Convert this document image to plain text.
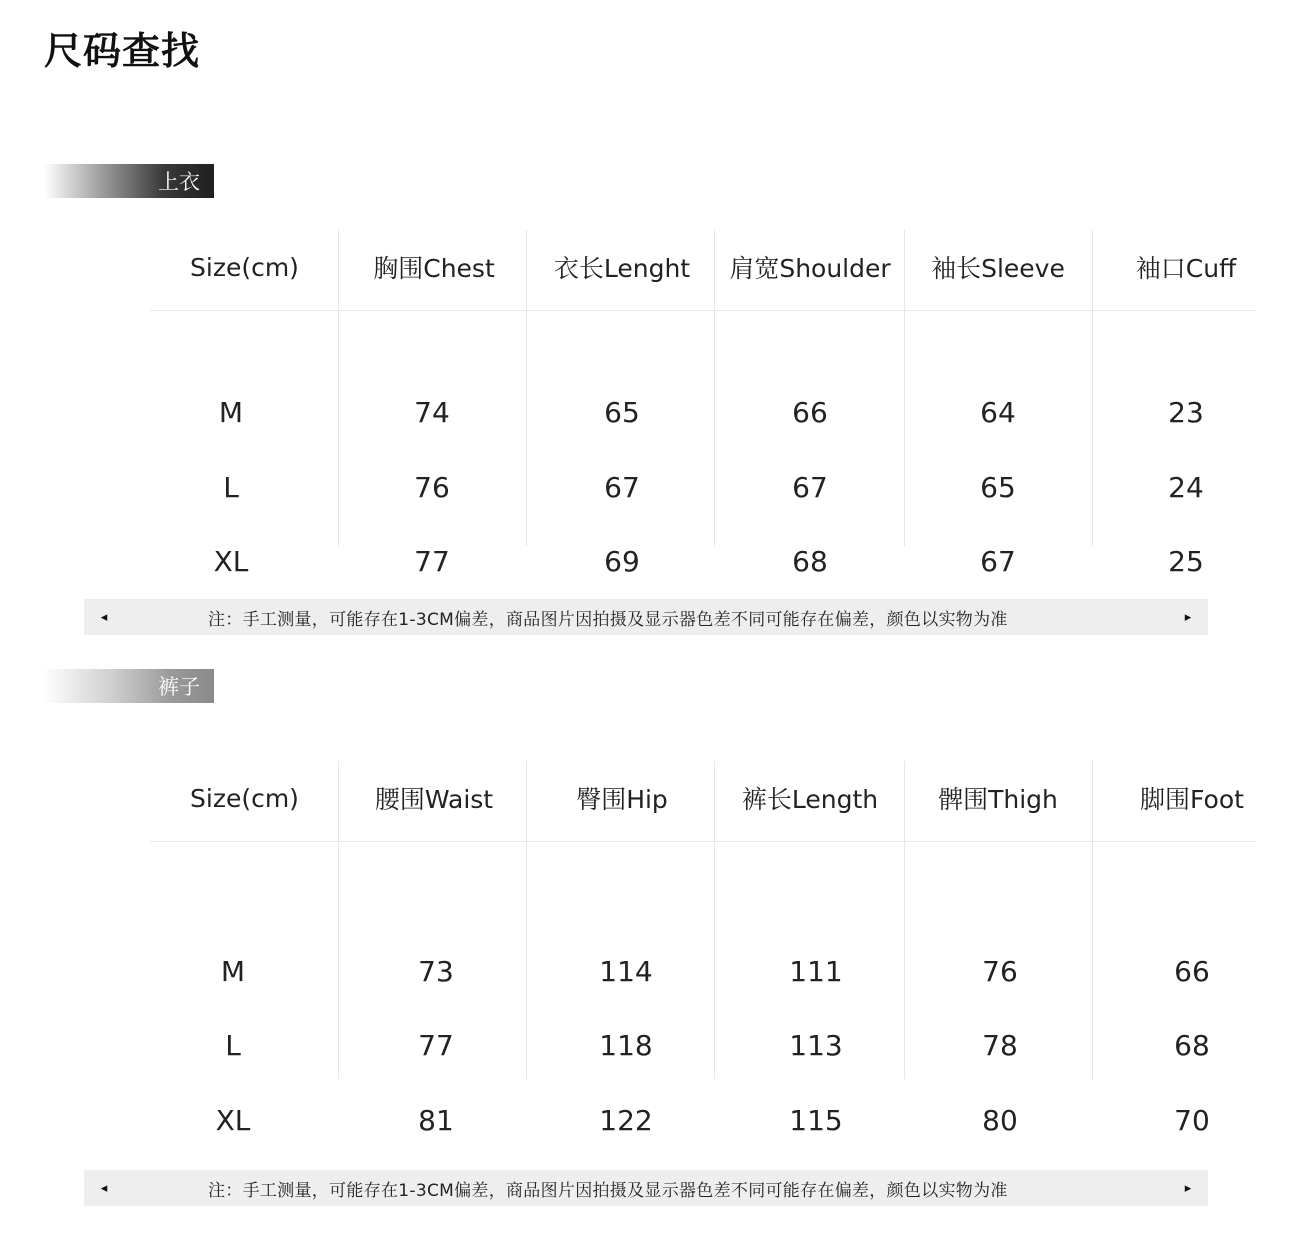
尺码查找
上衣
Size(cm)	胸围Chest	衣长Lenght	肩宽Shoulder	袖长Sleeve	袖口Cuff
M	74	65	66	64	23
L	76	67	67	65	24
XL	77	69	68	67	25
◂	注：手工测量，可能存在1-3CM偏差，商品图片因拍摄及显示器色差不同可能存在偏差，颜色以实物为准	▸
裤子
Size(cm)	腰围Waist	臀围Hip	裤长Length	髀围Thigh	脚围Foot
M	73	114	111	76	66
L	77	118	113	78	68
XL	81	122	115	80	70
◂	注：手工测量，可能存在1-3CM偏差，商品图片因拍摄及显示器色差不同可能存在偏差，颜色以实物为准	▸
